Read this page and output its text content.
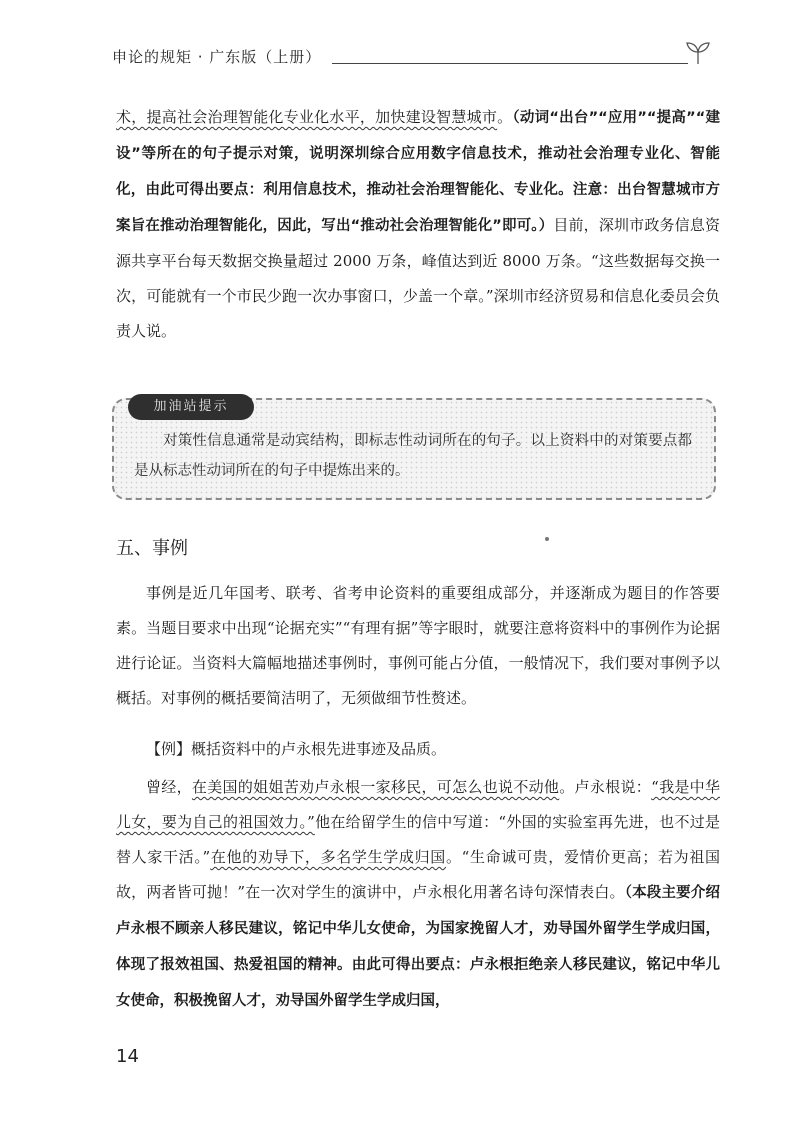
申论的规矩 · 广东版（上册）
术，提高社会治理智能化专业化水平，加快建设智慧城市。（动词“出台”“应用”“提高”“建设”等所在的句子提示对策，说明深圳综合应用数字信息技术，推动社会治理专业化、智能化，由此可得出要点：利用信息技术，推动社会治理智能化、专业化。注意：出台智慧城市方案旨在推动治理智能化，因此，写出“推动社会治理智能化”即可。）目前，深圳市政务信息资源共享平台每天数据交换量超过 2000 万条，峰值达到近 8000 万条。“这些数据每交换一次，可能就有一个市民少跑一次办事窗口，少盖一个章。”深圳市经济贸易和信息化委员会负责人说。
加油站提示
对策性信息通常是动宾结构，即标志性动词所在的句子。以上资料中的对策要点都是从标志性动词所在的句子中提炼出来的。
五、事例
事例是近几年国考、联考、省考申论资料的重要组成部分，并逐渐成为题目的作答要素。当题目要求中出现“论据充实”“有理有据”等字眼时，就要注意将资料中的事例作为论据进行论证。当资料大篇幅地描述事例时，事例可能占分值，一般情况下，我们要对事例予以概括。对事例的概括要简洁明了，无须做细节性赘述。
【例】概括资料中的卢永根先进事迹及品质。
曾经，在美国的姐姐苦劝卢永根一家移民，可怎么也说不动他。卢永根说：“我是中华儿女，要为自己的祖国效力。”他在给留学生的信中写道：“外国的实验室再先进，也不过是替人家干活。”在他的劝导下，多名学生学成归国。“生命诚可贵，爱情价更高；若为祖国故，两者皆可抛！”在一次对学生的演讲中，卢永根化用著名诗句深情表白。（本段主要介绍卢永根不顾亲人移民建议，铭记中华儿女使命，为国家挽留人才，劝导国外留学生学成归国，体现了报效祖国、热爱祖国的精神。由此可得出要点：卢永根拒绝亲人移民建议，铭记中华儿女使命，积极挽留人才，劝导国外留学生学成归国，
14
